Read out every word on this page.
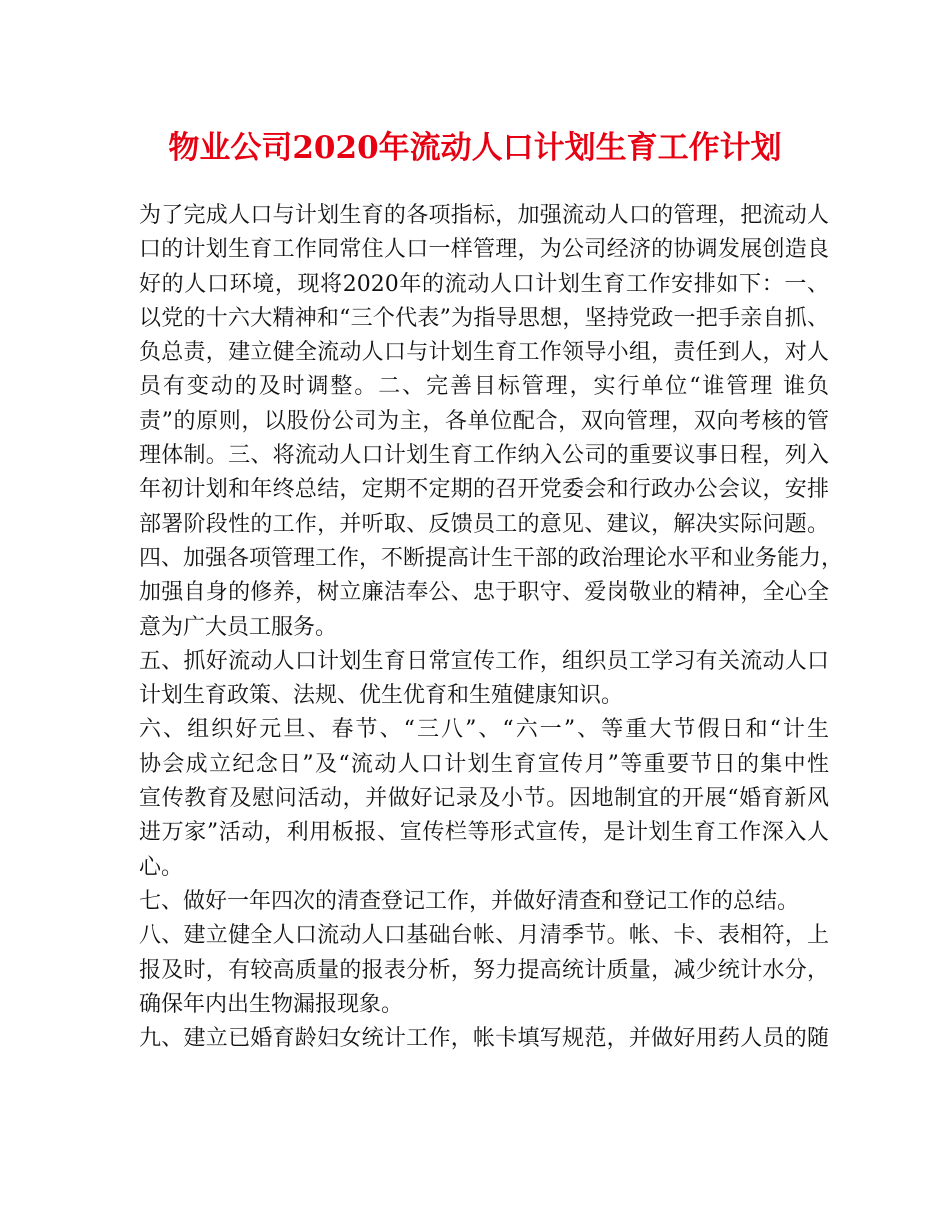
物业公司2020年流动人口计划生育工作计划
为了完成人口与计划生育的各项指标，加强流动人口的管理，把流动人
口的计划生育工作同常住人口一样管理，为公司经济的协调发展创造良
好的人口环境，现将2020年的流动人口计划生育工作安排如下：一、
以党的十六大精神和“三个代表”为指导思想，坚持党政一把手亲自抓、
负总责，建立健全流动人口与计划生育工作领导小组，责任到人，对人
员有变动的及时调整。二、完善目标管理，实行单位“谁管理 谁负
责”的原则，以股份公司为主，各单位配合，双向管理，双向考核的管
理体制。三、将流动人口计划生育工作纳入公司的重要议事日程，列入
年初计划和年终总结，定期不定期的召开党委会和行政办公会议，安排
部署阶段性的工作，并听取、反馈员工的意见、建议，解决实际问题。
四、加强各项管理工作，不断提高计生干部的政治理论水平和业务能力，
加强自身的修养，树立廉洁奉公、忠于职守、爱岗敬业的精神，全心全
意为广大员工服务。
五、抓好流动人口计划生育日常宣传工作，组织员工学习有关流动人口
计划生育政策、法规、优生优育和生殖健康知识。
六、组织好元旦、春节、“三八”、“六一”、等重大节假日和“计生
协会成立纪念日”及“流动人口计划生育宣传月”等重要节日的集中性
宣传教育及慰问活动，并做好记录及小节。因地制宜的开展“婚育新风
进万家”活动，利用板报、宣传栏等形式宣传，是计划生育工作深入人
心。
七、做好一年四次的清查登记工作，并做好清查和登记工作的总结。
八、建立健全人口流动人口基础台帐、月清季节。帐、卡、表相符，上
报及时，有较高质量的报表分析，努力提高统计质量，减少统计水分，
确保年内出生物漏报现象。
九、建立已婚育龄妇女统计工作，帐卡填写规范，并做好用药人员的随
